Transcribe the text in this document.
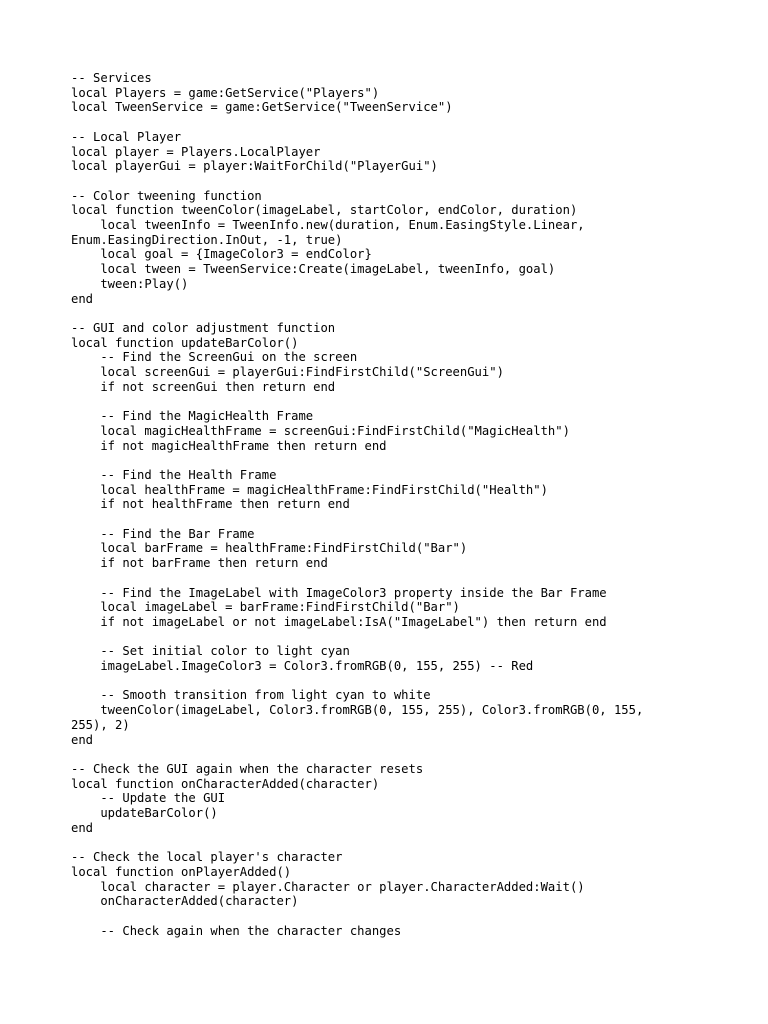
-- Services
local Players = game:GetService("Players")
local TweenService = game:GetService("TweenService")
-- Local Player
local player = Players.LocalPlayer
local playerGui = player:WaitForChild("PlayerGui")
-- Color tweening function
local function tweenColor(imageLabel, startColor, endColor, duration)
local tweenInfo = TweenInfo.new(duration, Enum.EasingStyle.Linear,
Enum.EasingDirection.InOut, -1, true)
local goal = {ImageColor3 = endColor}
local tween = TweenService:Create(imageLabel, tweenInfo, goal)
tween:Play()
end
-- GUI and color adjustment function
local function updateBarColor()
-- Find the ScreenGui on the screen
local screenGui = playerGui:FindFirstChild("ScreenGui")
if not screenGui then return end
-- Find the MagicHealth Frame
local magicHealthFrame = screenGui:FindFirstChild("MagicHealth")
if not magicHealthFrame then return end
-- Find the Health Frame
local healthFrame = magicHealthFrame:FindFirstChild("Health")
if not healthFrame then return end
-- Find the Bar Frame
local barFrame = healthFrame:FindFirstChild("Bar")
if not barFrame then return end
-- Find the ImageLabel with ImageColor3 property inside the Bar Frame
local imageLabel = barFrame:FindFirstChild("Bar")
if not imageLabel or not imageLabel:IsA("ImageLabel") then return end
-- Set initial color to light cyan
imageLabel.ImageColor3 = Color3.fromRGB(0, 155, 255) -- Red
-- Smooth transition from light cyan to white
tweenColor(imageLabel, Color3.fromRGB(0, 155, 255), Color3.fromRGB(0, 155,
255), 2)
end
-- Check the GUI again when the character resets
local function onCharacterAdded(character)
-- Update the GUI
updateBarColor()
end
-- Check the local player's character
local function onPlayerAdded()
local character = player.Character or player.CharacterAdded:Wait()
onCharacterAdded(character)
-- Check again when the character changes
